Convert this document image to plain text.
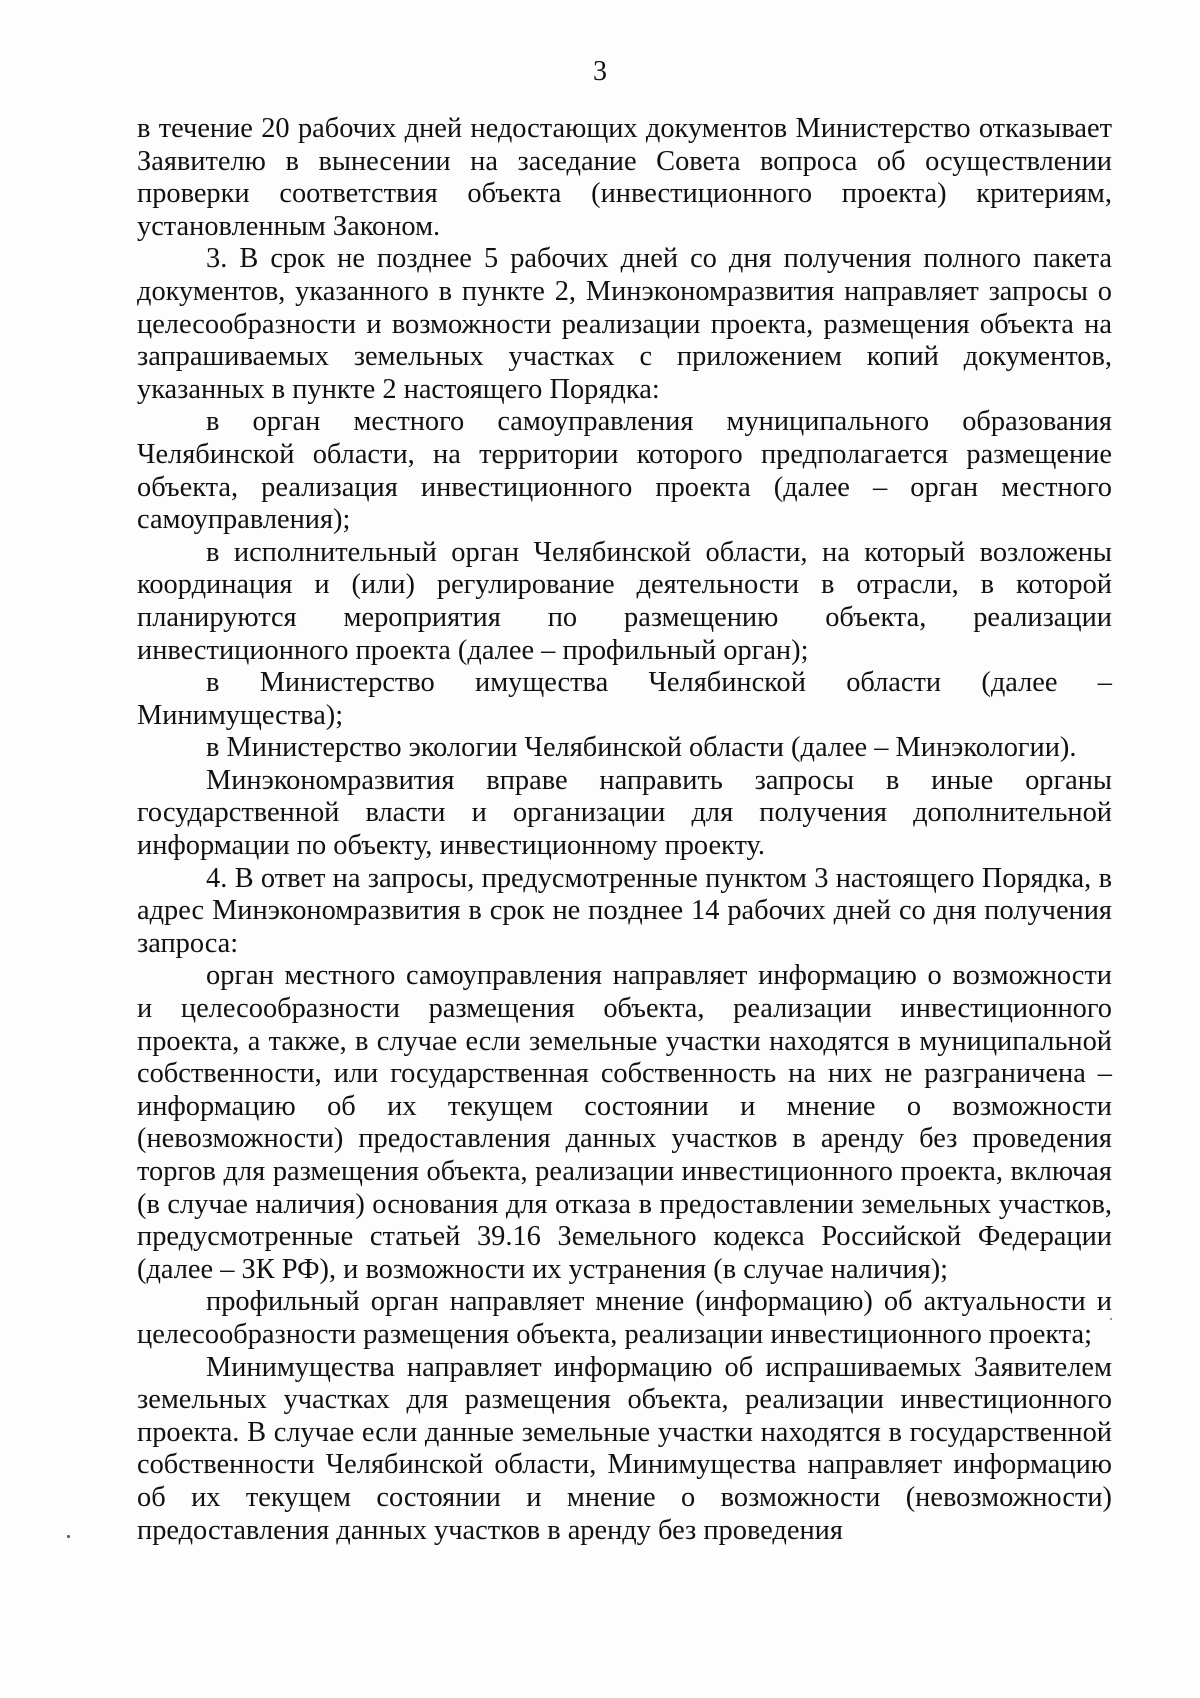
3

в течение 20 рабочих дней недостающих документов Министерство отказывает Заявителю в вынесении на заседание Совета вопроса об осуществлении проверки соответствия объекта (инвестиционного проекта) критериям, установленным Законом.

3. В срок не позднее 5 рабочих дней со дня получения полного пакета документов, указанного в пункте 2, Минэкономразвития направляет запросы о целесообразности и возможности реализации проекта, размещения объекта на запрашиваемых земельных участках с приложением копий документов, указанных в пункте 2 настоящего Порядка:

в орган местного самоуправления муниципального образования Челябинской области, на территории которого предполагается размещение объекта, реализация инвестиционного проекта (далее – орган местного самоуправления);

в исполнительный орган Челябинской области, на который возложены координация и (или) регулирование деятельности в отрасли, в которой планируются мероприятия по размещению объекта, реализации инвестиционного проекта (далее – профильный орган);

в Министерство имущества Челябинской области (далее – Минимущества);

в Министерство экологии Челябинской области (далее – Минэкологии).

Минэкономразвития вправе направить запросы в иные органы государственной власти и организации для получения дополнительной информации по объекту, инвестиционному проекту.

4. В ответ на запросы, предусмотренные пунктом 3 настоящего Порядка, в адрес Минэкономразвития в срок не позднее 14 рабочих дней со дня получения запроса:

орган местного самоуправления направляет информацию о возможности и целесообразности размещения объекта, реализации инвестиционного проекта, а также, в случае если земельные участки находятся в муниципальной собственности, или государственная собственность на них не разграничена – информацию об их текущем состоянии и мнение о возможности (невозможности) предоставления данных участков в аренду без проведения торгов для размещения объекта, реализации инвестиционного проекта, включая (в случае наличия) основания для отказа в предоставлении земельных участков, предусмотренные статьей 39.16 Земельного кодекса Российской Федерации (далее – ЗК РФ), и возможности их устранения (в случае наличия);

профильный орган направляет мнение (информацию) об актуальности и целесообразности размещения объекта, реализации инвестиционного проекта;

Минимущества направляет информацию об испрашиваемых Заявителем земельных участках для размещения объекта, реализации инвестиционного проекта. В случае если данные земельные участки находятся в государственной собственности Челябинской области, Минимущества направляет информацию об их текущем состоянии и мнение о возможности (невозможности) предоставления данных участков в аренду без проведения
